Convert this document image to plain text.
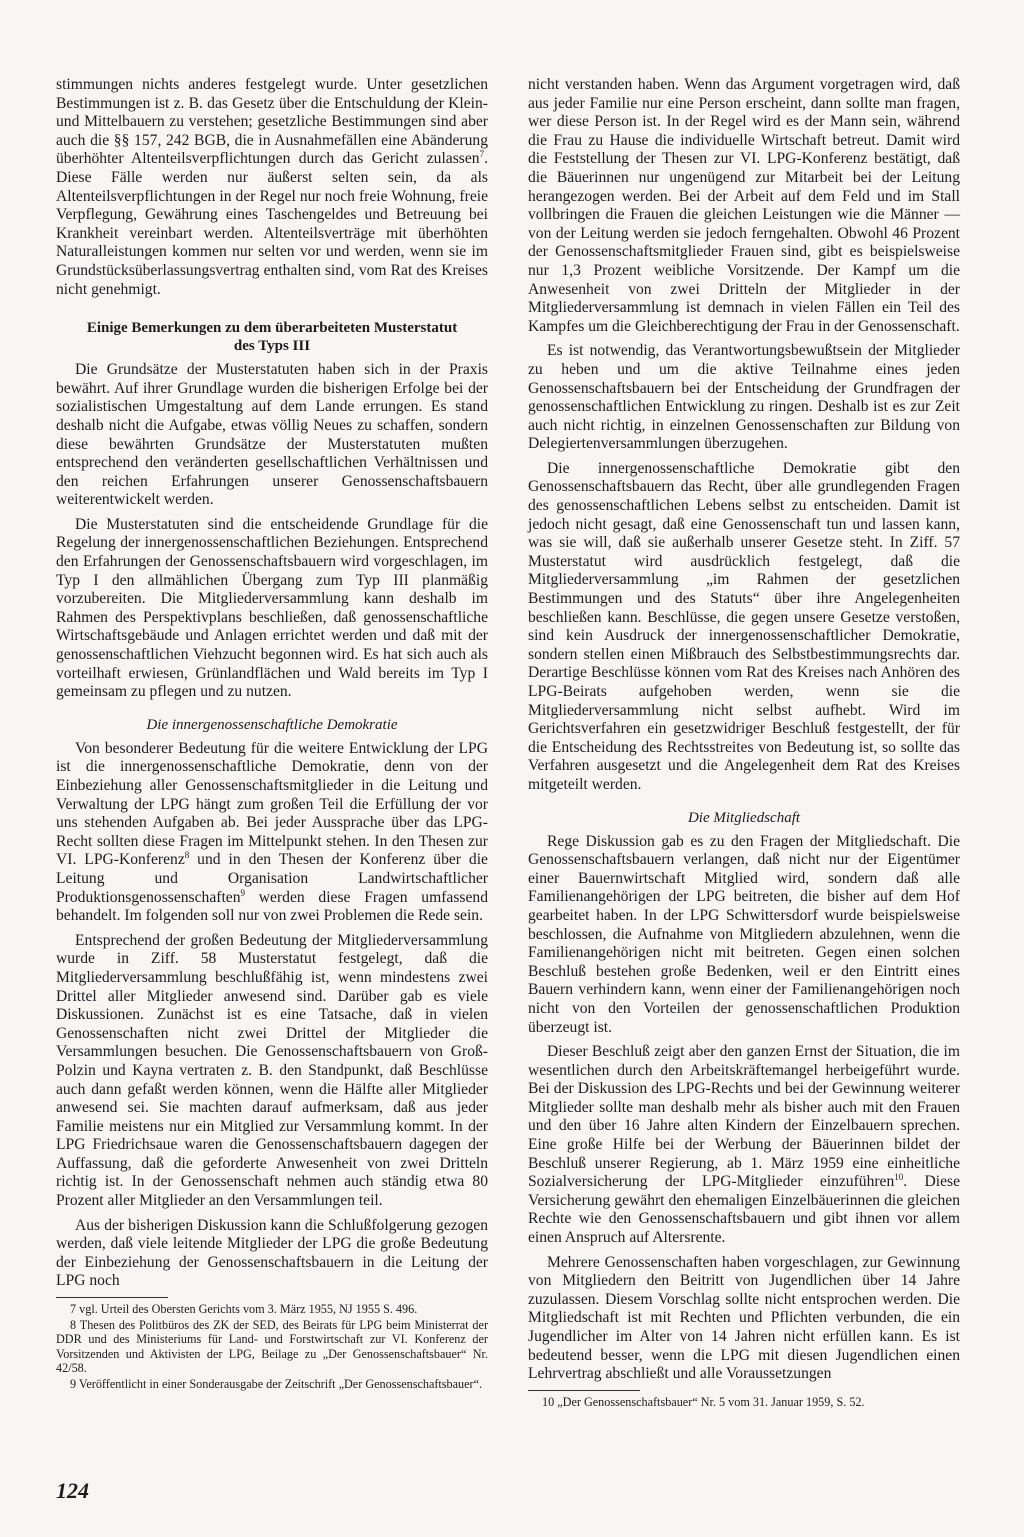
stimmungen nichts anderes festgelegt wurde. Unter gesetzlichen Bestimmungen ist z. B. das Gesetz über die Entschuldung der Klein- und Mittelbauern zu verstehen; gesetzliche Bestimmungen sind aber auch die §§ 157, 242 BGB, die in Ausnahmefällen eine Abänderung überhöhter Altenteilsverpflichtungen durch das Gericht zulassen$^7$. Diese Fälle werden nur äußerst selten sein, da als Altenteilsverpflichtungen in der Regel nur noch freie Wohnung, freie Verpflegung, Gewährung eines Taschengeldes und Betreuung bei Krankheit vereinbart werden. Altenteilsverträge mit überhöhten Naturalleistungen kommen nur selten vor und werden, wenn sie im Grundstücksüberlassungsvertrag enthalten sind, vom Rat des Kreises nicht genehmigt.

Einige Bemerkungen zu dem überarbeiteten Musterstatut des Typs III

Die Grundsätze der Musterstatuten haben sich in der Praxis bewährt. Auf ihrer Grundlage wurden die bisherigen Erfolge bei der sozialistischen Umgestaltung auf dem Lande errungen. Es stand deshalb nicht die Aufgabe, etwas völlig Neues zu schaffen, sondern diese bewährten Grundsätze der Musterstatuten mußten entsprechend den veränderten gesellschaftlichen Verhältnissen und den reichen Erfahrungen unserer Genossenschaftsbauern weiterentwickelt werden.

Die Musterstatuten sind die entscheidende Grundlage für die Regelung der innergenossenschaftlichen Beziehungen. Entsprechend den Erfahrungen der Genossenschaftsbauern wird vorgeschlagen, im Typ I den allmählichen Übergang zum Typ III planmäßig vorzubereiten. Die Mitgliederversammlung kann deshalb im Rahmen des Perspektivplans beschließen, daß genossenschaftliche Wirtschaftsgebäude und Anlagen errichtet werden und daß mit der genossenschaftlichen Viehzucht begonnen wird. Es hat sich auch als vorteilhaft erwiesen, Grünlandflächen und Wald bereits im Typ I gemeinsam zu pflegen und zu nutzen.

Die innergenossenschaftliche Demokratie

Von besonderer Bedeutung für die weitere Entwicklung der LPG ist die innergenossenschaftliche Demokratie, denn von der Einbeziehung aller Genossenschaftsmitglieder in die Leitung und Verwaltung der LPG hängt zum großen Teil die Erfüllung der vor uns stehenden Aufgaben ab. Bei jeder Aussprache über das LPG-Recht sollten diese Fragen im Mittelpunkt stehen. In den Thesen zur VI. LPG-Konferenz$^8$ und in den Thesen der Konferenz über die Leitung und Organisation Landwirtschaftlicher Produktionsgenossenschaften$^9$ werden diese Fragen umfassend behandelt. Im folgenden soll nur von zwei Problemen die Rede sein.

Entsprechend der großen Bedeutung der Mitgliederversammlung wurde in Ziff. 58 Musterstatut festgelegt, daß die Mitgliederversammlung beschlußfähig ist, wenn mindestens zwei Drittel aller Mitglieder anwesend sind. Darüber gab es viele Diskussionen. Zunächst ist es eine Tatsache, daß in vielen Genossenschaften nicht zwei Drittel der Mitglieder die Versammlungen besuchen. Die Genossenschaftsbauern von Groß-Polzin und Kayna vertraten z. B. den Standpunkt, daß Beschlüsse auch dann gefaßt werden können, wenn die Hälfte aller Mitglieder anwesend sei. Sie machten darauf aufmerksam, daß aus jeder Familie meistens nur ein Mitglied zur Versammlung kommt. In der LPG Friedrichsaue waren die Genossenschaftsbauern dagegen der Auffassung, daß die geforderte Anwesenheit von zwei Dritteln richtig ist. In der Genossenschaft nehmen auch ständig etwa 80 Prozent aller Mitglieder an den Versammlungen teil.

Aus der bisherigen Diskussion kann die Schlußfolgerung gezogen werden, daß viele leitende Mitglieder der LPG die große Bedeutung der Einbeziehung der Genossenschaftsbauern in die Leitung der LPG noch

7 vgl. Urteil des Obersten Gerichts vom 3. März 1955, NJ 1955 S. 496.

8 Thesen des Politbüros des ZK der SED, des Beirats für LPG beim Ministerrat der DDR und des Ministeriums für Land- und Forstwirtschaft zur VI. Konferenz der Vorsitzenden und Aktivisten der LPG, Beilage zu „Der Genossenschaftsbauer“ Nr. 42/58.

9 Veröffentlicht in einer Sonderausgabe der Zeitschrift „Der Genossenschaftsbauer“.

nicht verstanden haben. Wenn das Argument vorgetragen wird, daß aus jeder Familie nur eine Person erscheint, dann sollte man fragen, wer diese Person ist. In der Regel wird es der Mann sein, während die Frau zu Hause die individuelle Wirtschaft betreut. Damit wird die Feststellung der Thesen zur VI. LPG-Konferenz bestätigt, daß die Bäuerinnen nur ungenügend zur Mitarbeit bei der Leitung herangezogen werden. Bei der Arbeit auf dem Feld und im Stall vollbringen die Frauen die gleichen Leistungen wie die Männer — von der Leitung werden sie jedoch ferngehalten. Obwohl 46 Prozent der Genossenschaftsmitglieder Frauen sind, gibt es beispielsweise nur 1,3 Prozent weibliche Vorsitzende. Der Kampf um die Anwesenheit von zwei Dritteln der Mitglieder in der Mitgliederversammlung ist demnach in vielen Fällen ein Teil des Kampfes um die Gleichberechtigung der Frau in der Genossenschaft.

Es ist notwendig, das Verantwortungsbewußtsein der Mitglieder zu heben und um die aktive Teilnahme eines jeden Genossenschaftsbauern bei der Entscheidung der Grundfragen der genossenschaftlichen Entwicklung zu ringen. Deshalb ist es zur Zeit auch nicht richtig, in einzelnen Genossenschaften zur Bildung von Delegiertenversammlungen überzugehen.

Die innergenossenschaftliche Demokratie gibt den Genossenschaftsbauern das Recht, über alle grundlegenden Fragen des genossenschaftlichen Lebens selbst zu entscheiden. Damit ist jedoch nicht gesagt, daß eine Genossenschaft tun und lassen kann, was sie will, daß sie außerhalb unserer Gesetze steht. In Ziff. 57 Musterstatut wird ausdrücklich festgelegt, daß die Mitgliederversammlung „im Rahmen der gesetzlichen Bestimmungen und des Statuts“ über ihre Angelegenheiten beschließen kann. Beschlüsse, die gegen unsere Gesetze verstoßen, sind kein Ausdruck der innergenossenschaftlicher Demokratie, sondern stellen einen Mißbrauch des Selbstbestimmungsrechts dar. Derartige Beschlüsse können vom Rat des Kreises nach Anhören des LPG-Beirats aufgehoben werden, wenn sie die Mitgliederversammlung nicht selbst aufhebt. Wird im Gerichtsverfahren ein gesetzwidriger Beschluß festgestellt, der für die Entscheidung des Rechtsstreites von Bedeutung ist, so sollte das Verfahren ausgesetzt und die Angelegenheit dem Rat des Kreises mitgeteilt werden.

Die Mitgliedschaft

Rege Diskussion gab es zu den Fragen der Mitgliedschaft. Die Genossenschaftsbauern verlangen, daß nicht nur der Eigentümer einer Bauernwirtschaft Mitglied wird, sondern daß alle Familienangehörigen der LPG beitreten, die bisher auf dem Hof gearbeitet haben. In der LPG Schwittersdorf wurde beispielsweise beschlossen, die Aufnahme von Mitgliedern abzulehnen, wenn die Familienangehörigen nicht mit beitreten. Gegen einen solchen Beschluß bestehen große Bedenken, weil er den Eintritt eines Bauern verhindern kann, wenn einer der Familienangehörigen noch nicht von den Vorteilen der genossenschaftlichen Produktion überzeugt ist.

Dieser Beschluß zeigt aber den ganzen Ernst der Situation, die im wesentlichen durch den Arbeitskräftemangel herbeigeführt wurde. Bei der Diskussion des LPG-Rechts und bei der Gewinnung weiterer Mitglieder sollte man deshalb mehr als bisher auch mit den Frauen und den über 16 Jahre alten Kindern der Einzelbauern sprechen. Eine große Hilfe bei der Werbung der Bäuerinnen bildet der Beschluß unserer Regierung, ab 1. März 1959 eine einheitliche Sozialversicherung der LPG-Mitglieder einzuführen$^{10}$. Diese Versicherung gewährt den ehemaligen Einzelbäuerinnen die gleichen Rechte wie den Genossenschaftsbauern und gibt ihnen vor allem einen Anspruch auf Altersrente.

Mehrere Genossenschaften haben vorgeschlagen, zur Gewinnung von Mitgliedern den Beitritt von Jugendlichen über 14 Jahre zuzulassen. Diesem Vorschlag sollte nicht entsprochen werden. Die Mitgliedschaft ist mit Rechten und Pflichten verbunden, die ein Jugendlicher im Alter von 14 Jahren nicht erfüllen kann. Es ist bedeutend besser, wenn die LPG mit diesen Jugendlichen einen Lehrvertrag abschließt und alle Voraussetzungen

10 „Der Genossenschaftsbauer“ Nr. 5 vom 31. Januar 1959, S. 52.

124
